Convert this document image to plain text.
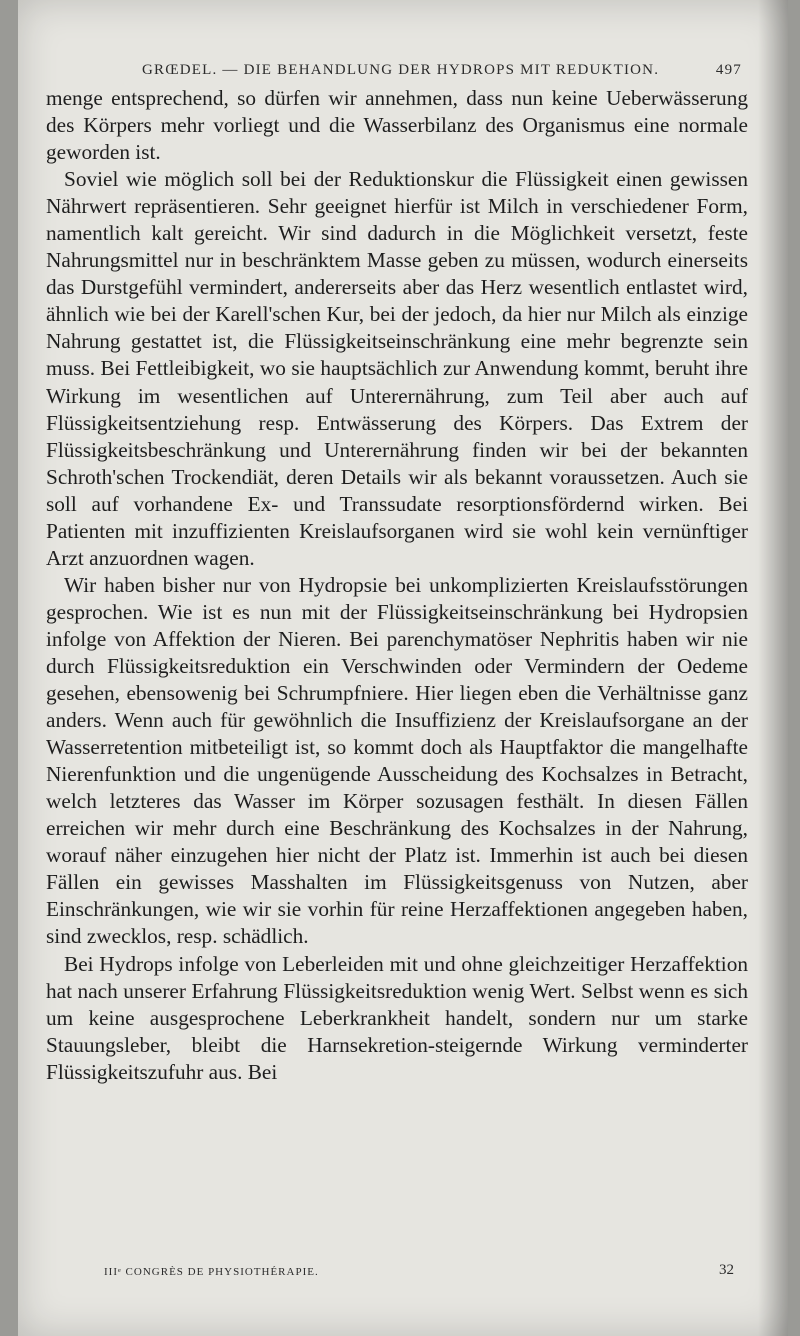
GRŒDEL. — DIE BEHANDLUNG DER HYDROPS MIT REDUKTION.	497

menge entsprechend, so dürfen wir annehmen, dass nun keine Ueberwässerung des Körpers mehr vorliegt und die Wasserbilanz des Organismus eine normale geworden ist.

Soviel wie möglich soll bei der Reduktionskur die Flüssigkeit einen gewissen Nährwert repräsentieren. Sehr geeignet hierfür ist Milch in verschiedener Form, namentlich kalt gereicht. Wir sind dadurch in die Möglichkeit versetzt, feste Nahrungsmittel nur in beschränktem Masse geben zu müssen, wodurch einerseits das Durstgefühl vermindert, andererseits aber das Herz wesentlich entlastet wird, ähnlich wie bei der Karell'schen Kur, bei der jedoch, da hier nur Milch als einzige Nahrung gestattet ist, die Flüssigkeitseinschränkung eine mehr begrenzte sein muss. Bei Fettleibigkeit, wo sie hauptsächlich zur Anwendung kommt, beruht ihre Wirkung im wesentlichen auf Unterernährung, zum Teil aber auch auf Flüssigkeitsentziehung resp. Entwässerung des Körpers. Das Extrem der Flüssigkeitsbeschränkung und Unterernährung finden wir bei der bekannten Schroth'schen Trockendiät, deren Details wir als bekannt voraussetzen. Auch sie soll auf vorhandene Ex- und Transsudate resorptionsfördernd wirken. Bei Patienten mit inzuffizienten Kreislaufsorganen wird sie wohl kein vernünftiger Arzt anzuordnen wagen.

Wir haben bisher nur von Hydropsie bei unkomplizierten Kreislaufsstörungen gesprochen. Wie ist es nun mit der Flüssigkeitseinschränkung bei Hydropsien infolge von Affektion der Nieren. Bei parenchymatöser Nephritis haben wir nie durch Flüssigkeitsreduktion ein Verschwinden oder Vermindern der Oedeme gesehen, ebensowenig bei Schrumpfniere. Hier liegen eben die Verhältnisse ganz anders. Wenn auch für gewöhnlich die Insuffizienz der Kreislaufsorgane an der Wasserretention mitbeteiligt ist, so kommt doch als Hauptfaktor die mangelhafte Nierenfunktion und die ungenügende Ausscheidung des Kochsalzes in Betracht, welch letzteres das Wasser im Körper sozusagen festhält. In diesen Fällen erreichen wir mehr durch eine Beschränkung des Kochsalzes in der Nahrung, worauf näher einzugehen hier nicht der Platz ist. Immerhin ist auch bei diesen Fällen ein gewisses Masshalten im Flüssigkeitsgenuss von Nutzen, aber Einschränkungen, wie wir sie vorhin für reine Herzaffektionen angegeben haben, sind zwecklos, resp. schädlich.

Bei Hydrops infolge von Leberleiden mit und ohne gleichzeitiger Herzaffektion hat nach unserer Erfahrung Flüssigkeitsreduktion wenig Wert. Selbst wenn es sich um keine ausgesprochene Leberkrankheit handelt, sondern nur um starke Stauungsleber, bleibt die Harnsekretion-steigernde Wirkung verminderter Flüssigkeitszufuhr aus. Bei

IIIᵉ CONGRÈS DE PHYSIOTHÉRAPIE.	32
